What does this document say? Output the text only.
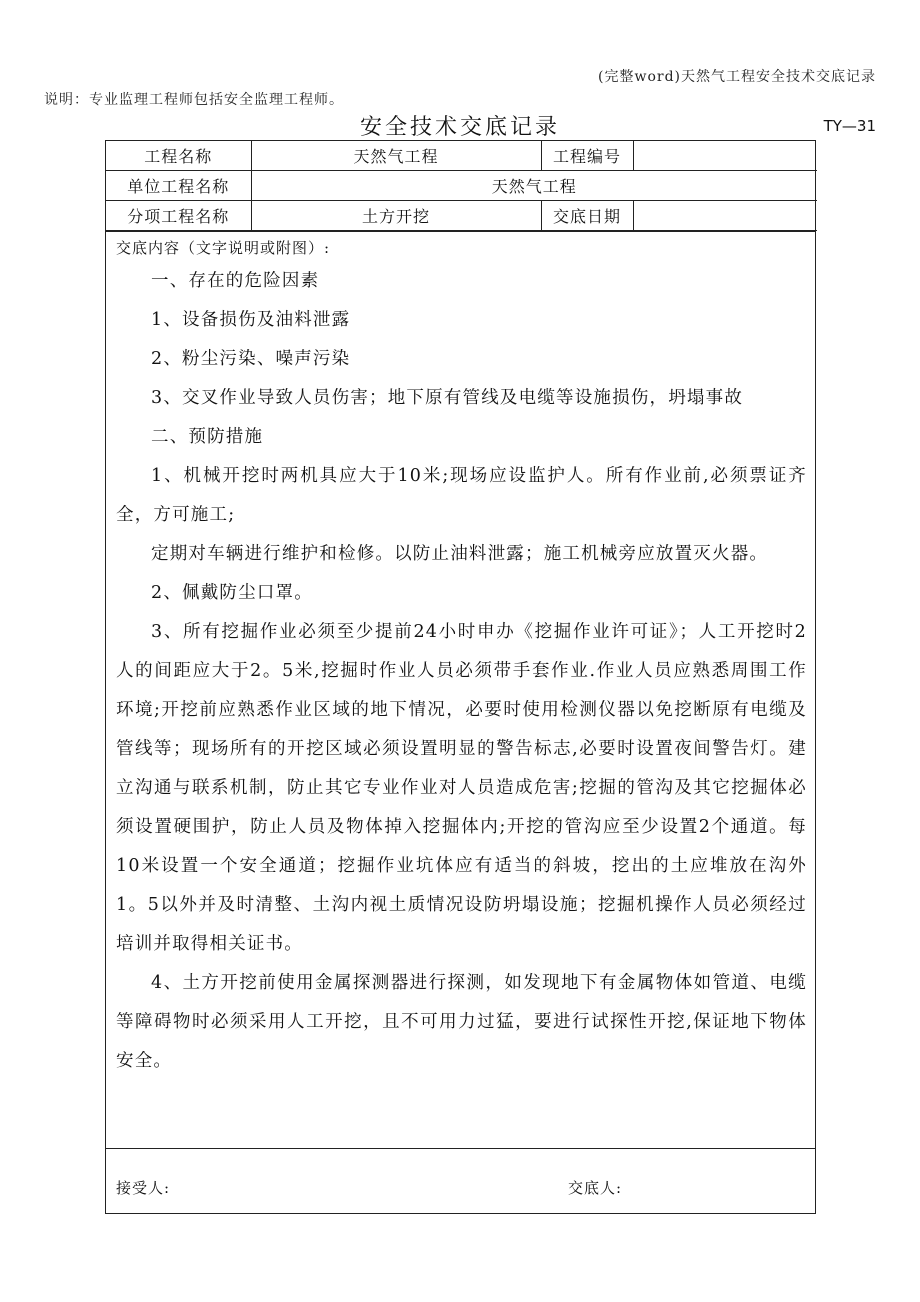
(完整word)天然气工程安全技术交底记录
说明：专业监理工程师包括安全监理工程师。
安全技术交底记录	TY—31
工程名称	天然气工程	工程编号	
单位工程名称	天然气工程		
分项工程名称	土方开挖	交底日期	
交底内容（文字说明或附图）:

一、存在的危险因素

1、设备损伤及油料泄露

2、粉尘污染、噪声污染

3、交叉作业导致人员伤害；地下原有管线及电缆等设施损伤，坍塌事故

二、预防措施

1、机械开挖时两机具应大于10米;现场应设监护人。所有作业前,必须票证齐全，方可施工;

定期对车辆进行维护和检修。以防止油料泄露；施工机械旁应放置灭火器。

2、佩戴防尘口罩。

3、所有挖掘作业必须至少提前24小时申办《挖掘作业许可证》；人工开挖时2人的间距应大于2。5米,挖掘时作业人员必须带手套作业.作业人员应熟悉周围工作环境;开挖前应熟悉作业区域的地下情况，必要时使用检测仪器以免挖断原有电缆及管线等；现场所有的开挖区域必须设置明显的警告标志,必要时设置夜间警告灯。建立沟通与联系机制，防止其它专业作业对人员造成危害;挖掘的管沟及其它挖掘体必须设置硬围护，防止人员及物体掉入挖掘体内;开挖的管沟应至少设置2个通道。每10米设置一个安全通道；挖掘作业坑体应有适当的斜坡，挖出的土应堆放在沟外1。5以外并及时清整、土沟内视土质情况设防坍塌设施；挖掘机操作人员必须经过培训并取得相关证书。

4、土方开挖前使用金属探测器进行探测，如发现地下有金属物体如管道、电缆等障碍物时必须采用人工开挖，且不可用力过猛，要进行试探性开挖,保证地下物体安全。

接受人:	交底人:
